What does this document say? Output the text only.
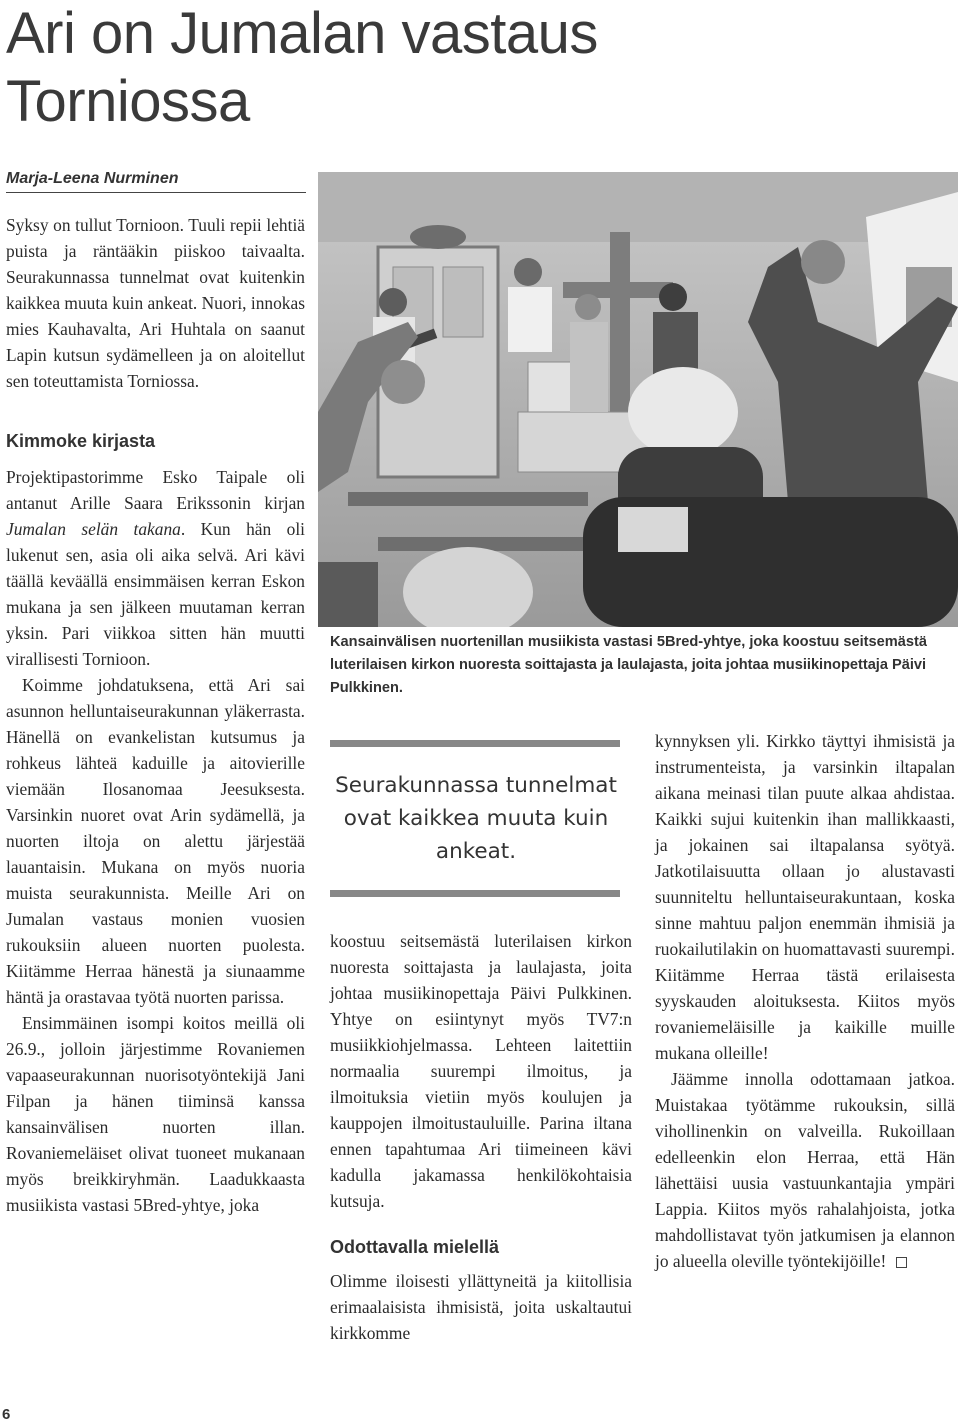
Ari on Jumalan vastaus Torniossa
Marja-Leena Nurminen

Syksy on tullut Tornioon. Tuuli repii lehtiä puista ja räntääkin piiskoo taivaalta. Seurakunnassa tunnelmat ovat kuitenkin kaikkea muuta kuin ankeat. Nuori, innokas mies Kauhavalta, Ari Huhtala on saanut Lapin kutsun sydämelleen ja on aloitellut sen toteuttamista Torniossa.

Kimmoke kirjasta

Projektipastorimme Esko Taipale oli antanut Arille Saara Erikssonin kirjan Jumalan selän takana. Kun hän oli lukenut sen, asia oli aika selvä. Ari kävi täällä keväällä ensimmäisen kerran Eskon mukana ja sen jälkeen muutaman kerran yksin. Pari viikkoa sitten hän muutti virallisesti Tornioon.

Koimme johdatuksena, että Ari sai asunnon helluntaiseurakunnan yläkerrasta. Hänellä on evankelistan kutsumus ja rohkeus lähteä kaduille ja aitovierille viemään Ilosanomaa Jeesuksesta. Varsinkin nuoret ovat Arin sydämellä, ja nuorten iltoja on alettu järjestää lauantaisin. Mukana on myös nuoria muista seurakunnista. Meille Ari on Jumalan vastaus monien vuosien rukouksiin alueen nuorten puolesta. Kiitämme Herraa hänestä ja siunaamme häntä ja orastavaa työtä nuorten parissa.

Ensimmäinen isompi koitos meillä oli 26.9., jolloin järjestimme Rovaniemen vapaaseurakunnan nuorisotyöntekijä Jani Filpan ja hänen tiiminsä kanssa kansainvälisen nuorten illan. Rovaniemeläiset olivat tuoneet mukanaan myös breikkiryhmän. Laadukkaasta musiikista vastasi 5Bred-yhtye, joka

Kansainvälisen nuortenillan musiikista vastasi 5Bred-yhtye, joka koostuu seitsemästä luterilaisen kirkon nuoresta soittajasta ja laulajasta, joita johtaa musiikinopettaja Päivi Pulkkinen.

Seurakunnassa tunnelmat ovat kaikkea muuta kuin ankeat.

koostuu seitsemästä luterilaisen kirkon nuoresta soittajasta ja laulajasta, joita johtaa musiikinopettaja Päivi Pulkkinen. Yhtye on esiintynyt myös TV7:n musiikkiohjelmassa. Lehteen laitettiin normaalia suurempi ilmoitus, ja ilmoituksia vietiin myös koulujen ja kauppojen ilmoitustauluille. Parina iltana ennen tapahtumaa Ari tiimeineen kävi kadulla jakamassa henkilökohtaisia kutsuja.

Odottavalla mielellä

Olimme iloisesti yllättyneitä ja kiitollisia erimaalaisista ihmisistä, joita uskaltautui kirkkomme

kynnyksen yli. Kirkko täyttyi ihmisistä ja instrumenteista, ja varsinkin iltapalan aikana meinasi tilan puute alkaa ahdistaa. Kaikki sujui kuitenkin ihan mallikkaasti, ja jokainen sai iltapalansa syötyä. Jatkotilaisuutta ollaan jo alustavasti suunniteltu helluntaiseurakuntaan, koska sinne mahtuu paljon enemmän ihmisiä ja ruokailutilakin on huomattavasti suurempi. Kiitämme Herraa tästä erilaisesta syyskauden aloituksesta. Kiitos myös rovaniemeläisille ja kaikille muille mukana olleille!

Jäämme innolla odottamaan jatkoa. Muistakaa työtämme rukouksin, sillä vihollinenkin on valveilla. Rukoillaan edelleenkin elon Herraa, että Hän lähettäisi uusia vastuunkantajia ympäri Lappia. Kiitos myös rahalahjoista, jotka mahdollistavat työn jatkumisen ja elannon jo alueella oleville työntekijöille!

6
